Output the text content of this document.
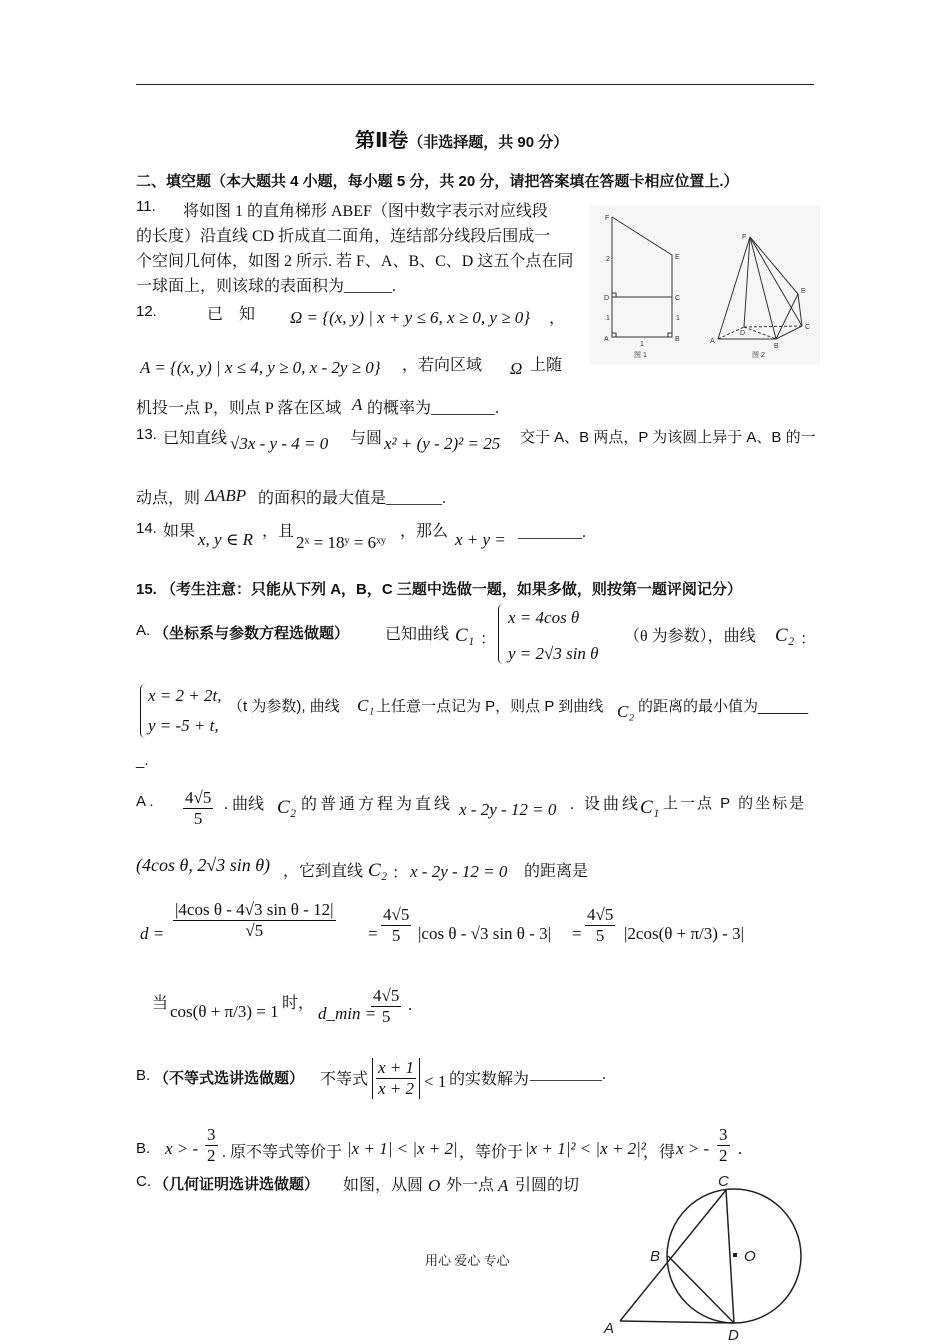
第Ⅱ卷（非选择题，共 90 分）
二、填空题（本大题共 4 小题，每小题 5 分，共 20 分，请把答案填在答题卡相应位置上.）
11. 将如图 1 的直角梯形 ABEF（图中数字表示对应线段
的长度）沿直线 CD 折成直二面角，连结部分线段后围成一
个空间几何体，如图 2 所示. 若 F、A、B、C、D 这五个点在同
一球面上，则该球的表面积为______.
F
E
D	C
A	B
2
1	1
1
图 1
F
E
A
D
B
C
图 2
12.	已　知 Ω = {(x, y) | x + y ≤ 6, x ≥ 0, y ≥ 0} ，
A = {(x, y) | x ≤ 4, y ≥ 0, x - 2y ≥ 0} ，若向区域 Ω 上随
机投一点 P，则点 P 落在区域 A 的概率为________.
13. 已知直线 √3x - y - 4 = 0 与圆 x² + (y - 2)² = 25 交于 A、B 两点，P 为该圆上异于 A、B 的一
动点，则 ΔABP 的面积的最大值是_______.
14. 如果 x, y ∈ R ，且
2ˣ = 18ʸ = 6ˣʸ
，那么 x + y = ________.
15. （考生注意：只能从下列 A，B，C 三题中选做一题，如果多做，则按第一题评阅记分）
A. （坐标系与参数方程选做题） 已知曲线 C₁ ：
x = 4cos θ
y = 2√3 sin θ
（θ 为参数），曲线 C₂ ：
x = 2 + 2t,
y = -5 + t,
（t 为参数), 曲线 C₁ 上任意一点记为 P，则点 P 到曲线 C₂ 的距离的最小值为______
_.
A . $\frac{4√5}{5}$ . 曲线 C₂ 的普通方程为直线 x - 2y - 12 = 0 . 设曲线
C₁ 上一点 P 的坐标是
(4cos θ, 2√3 sin θ) ，它到直线 C₂ ： x - 2y - 12 = 0 的距离是
$d = \frac{\text{|4cos θ - 4√3 sin θ - 12|}}{√5} = \frac{4√5}{5} |\cos$ θ - √3 $\sin \theta - 3| = \frac{4√5}{5} |2\cos(\theta + \pi/3) - 3|$
当 cos(θ + π/3) = 1 时，
d_min =
$\frac{4√5}{5}$ .
B. （不等式选讲选做题） 不等式 $\frac{x + 1}{x + 2} < 1$ 的实数解为 _________.
B. x > - $\frac{3}{2}$ . 原不等式等价于 |x + 1| < |x + 2| ，等价于 |x + 1|² < |x + 2|²
，得 x > - $\frac{3}{2}$ .
C. （几何证明选讲选做题） 如图，从圆 O 外一点 A 引圆的切	C
B	O
A	D
用心 爱心 专心
